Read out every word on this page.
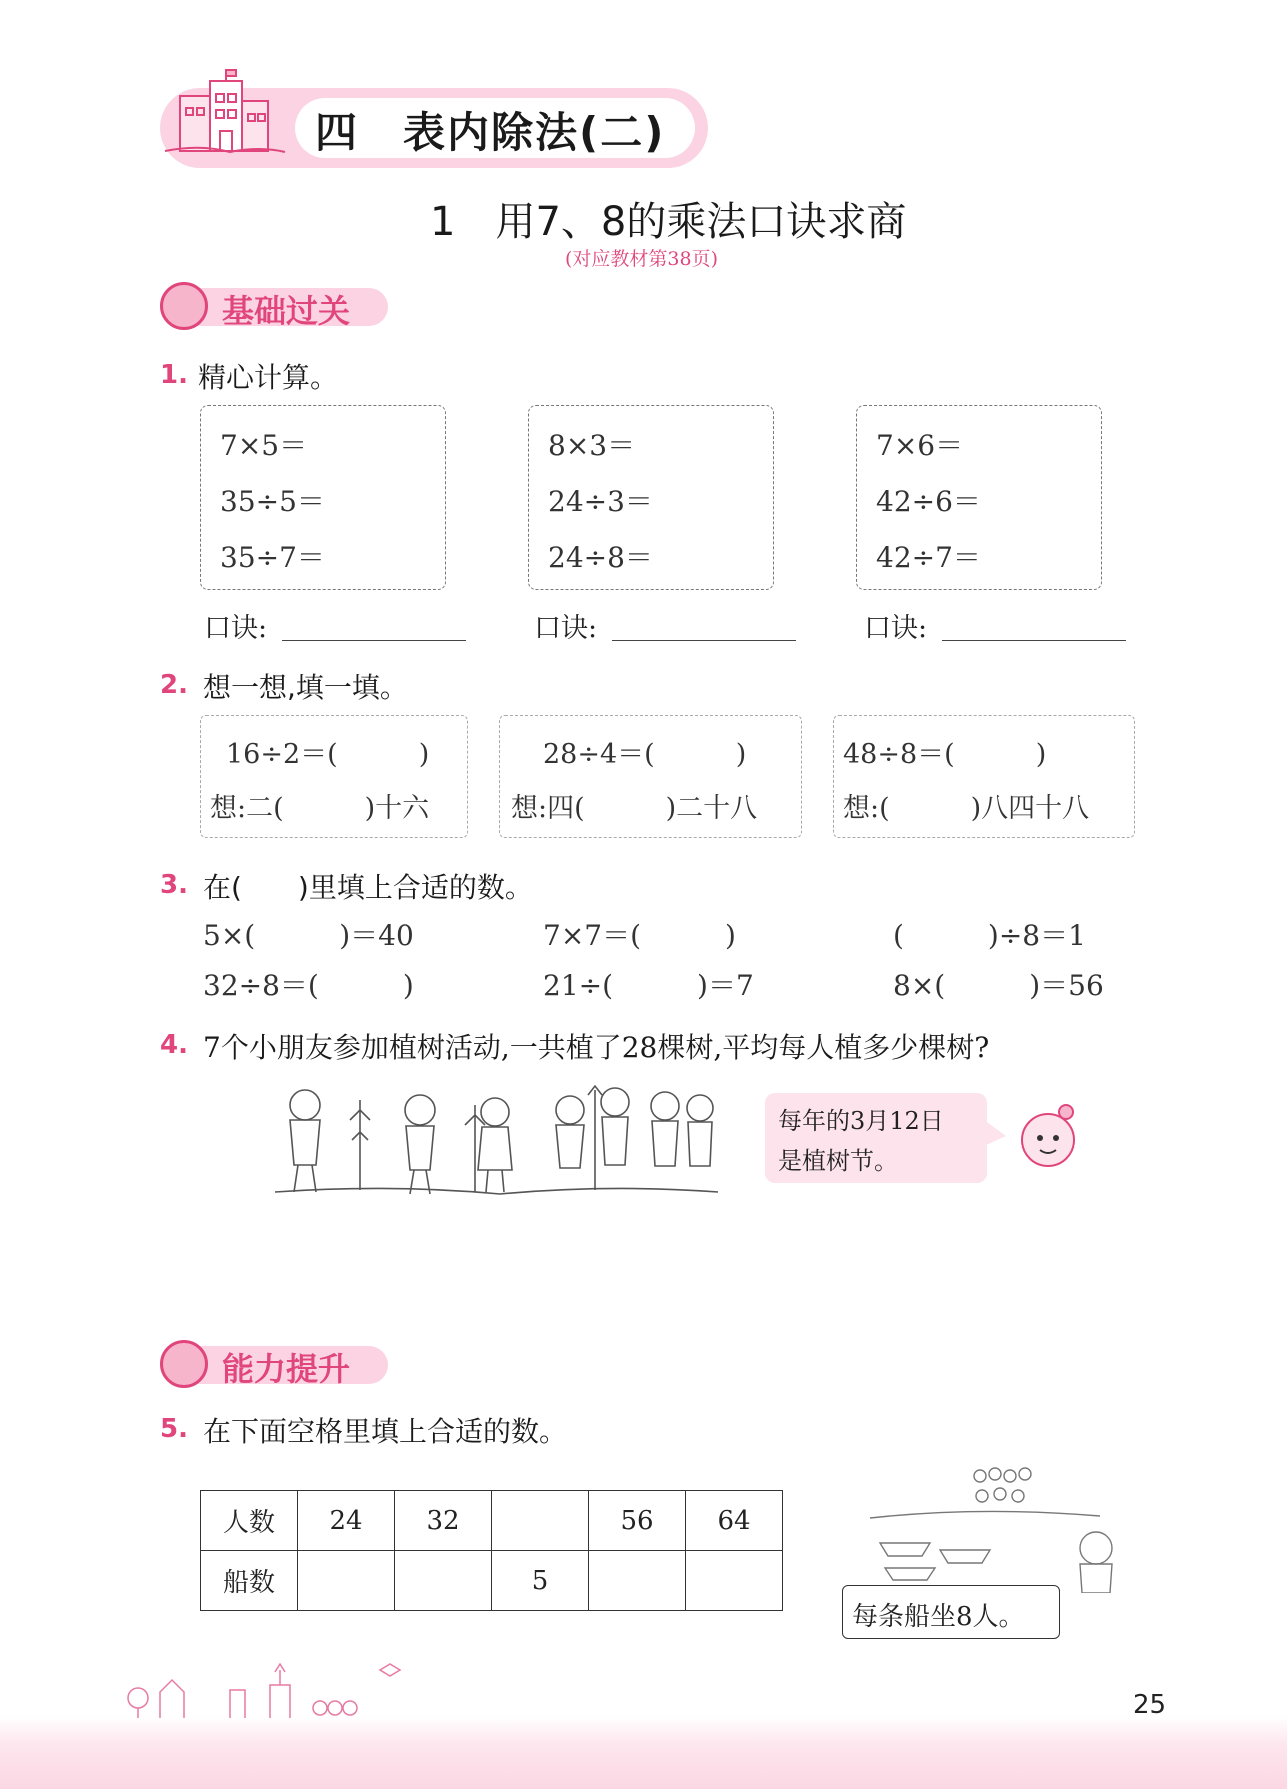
四　表内除法(二)
1　用7、8的乘法口诀求商
(对应教材第38页)
基础过关
1. 精心计算。
7×5＝
35÷5＝
35÷7＝
8×3＝
24÷3＝
24÷8＝
7×6＝
42÷6＝
42÷7＝
口诀:	口诀:	口诀:
2. 想一想,填一填。
16÷2＝(　　　)
想:二(　　　)十六
28÷4＝(　　　)
想:四(　　　)二十八
48÷8＝(　　　)
想:(　　　)八四十八
3. 在(　　)里填上合适的数。
5×(　　　)＝40	7×7＝(　　　)	(　　　)÷8＝1
32÷8＝(　　　)	21÷(　　　)＝7	8×(　　　)＝56
4. 7个小朋友参加植树活动,一共植了28棵树,平均每人植多少棵树?
每年的3月12日
是植树节。
能力提升
5. 在下面空格里填上合适的数。
人数	24	32		56	64
船数			5		
每条船坐8人。
25
